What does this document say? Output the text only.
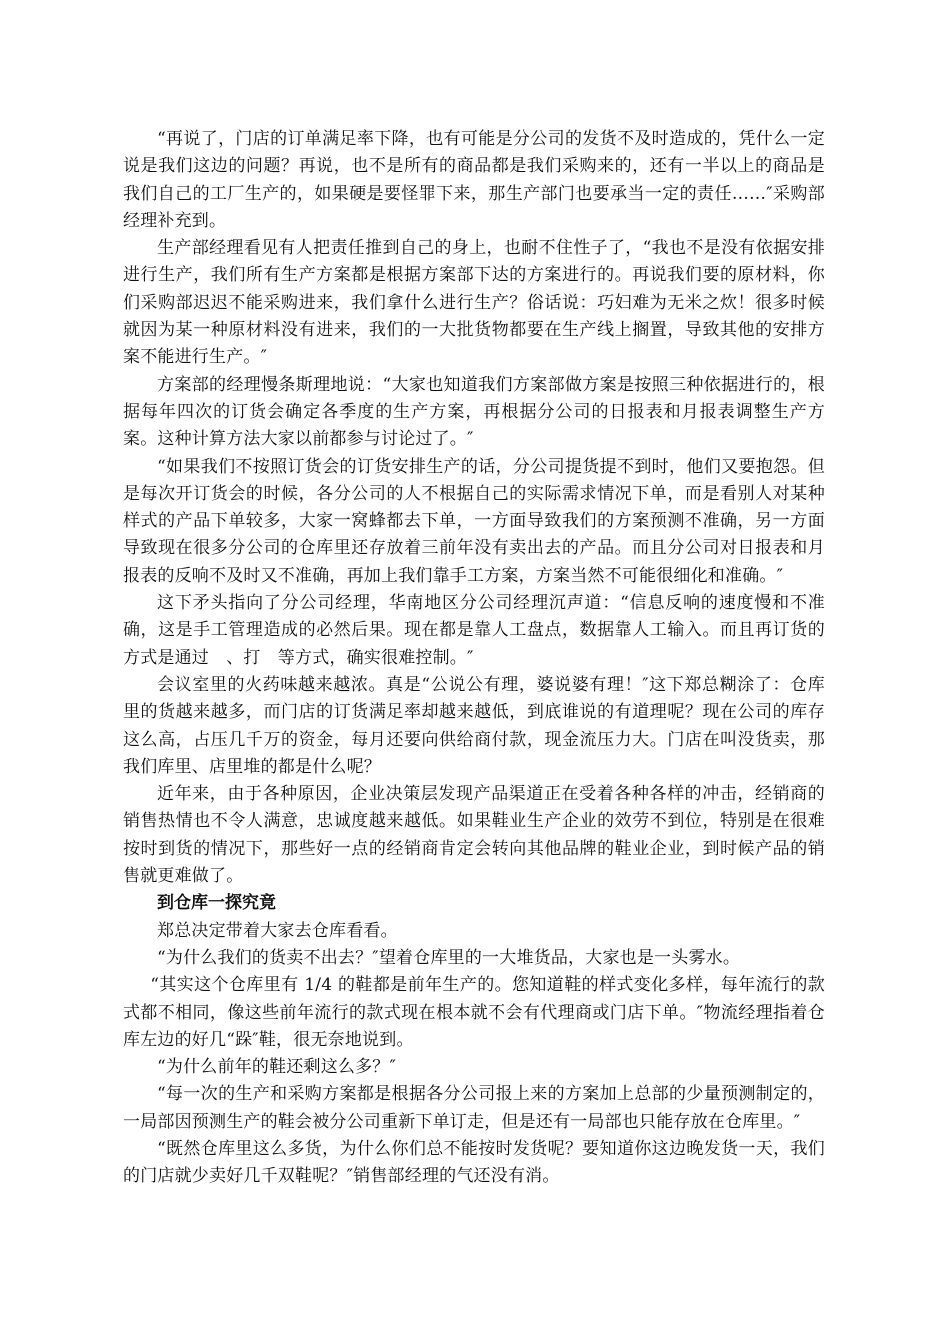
“再说了，门店的订单满足率下降，也有可能是分公司的发货不及时造成的，凭什么一定说是我们这边的问题？再说，也不是所有的商品都是我们采购来的，还有一半以上的商品是我们自己的工厂生产的，如果硬是要怪罪下来，那生产部门也要承当一定的责任……″采购部经理补充到。

生产部经理看见有人把责任推到自己的身上，也耐不住性子了，“我也不是没有依据安排进行生产，我们所有生产方案都是根据方案部下达的方案进行的。再说我们要的原材料，你们采购部迟迟不能采购进来，我们拿什么进行生产？俗话说：巧妇难为无米之炊！很多时候就因为某一种原材料没有进来，我们的一大批货物都要在生产线上搁置，导致其他的安排方案不能进行生产。″

方案部的经理慢条斯理地说：“大家也知道我们方案部做方案是按照三种依据进行的，根据每年四次的订货会确定各季度的生产方案，再根据分公司的日报表和月报表调整生产方案。这种计算方法大家以前都参与讨论过了。″

“如果我们不按照订货会的订货安排生产的话，分公司提货提不到时，他们又要抱怨。但是每次开订货会的时候，各分公司的人不根据自己的实际需求情况下单，而是看别人对某种样式的产品下单较多，大家一窝蜂都去下单，一方面导致我们的方案预测不准确，另一方面导致现在很多分公司的仓库里还存放着三前年没有卖出去的产品。而且分公司对日报表和月报表的反响不及时又不准确，再加上我们靠手工方案，方案当然不可能很细化和准确。″

这下矛头指向了分公司经理，华南地区分公司经理沉声道：“信息反响的速度慢和不准确，这是手工管理造成的必然后果。现在都是靠人工盘点，数据靠人工输入。而且再订货的方式是通过　、打　等方式，确实很难控制。″

会议室里的火药味越来越浓。真是“公说公有理，婆说婆有理！″这下郑总糊涂了：仓库里的货越来越多，而门店的订货满足率却越来越低，到底谁说的有道理呢？现在公司的库存这么高，占压几千万的资金，每月还要向供给商付款，现金流压力大。门店在叫没货卖，那我们库里、店里堆的都是什么呢？

近年来，由于各种原因，企业决策层发现产品渠道正在受着各种各样的冲击，经销商的销售热情也不令人满意，忠诚度越来越低。如果鞋业生产企业的效劳不到位，特别是在很难按时到货的情况下，那些好一点的经销商肯定会转向其他品牌的鞋业企业，到时候产品的销售就更难做了。

到仓库一探究竟

郑总决定带着大家去仓库看看。

“为什么我们的货卖不出去？″望着仓库里的一大堆货品，大家也是一头雾水。

“其实这个仓库里有 1/4 的鞋都是前年生产的。您知道鞋的样式变化多样，每年流行的款式都不相同，像这些前年流行的款式现在根本就不会有代理商或门店下单。″物流经理指着仓库左边的好几“跺″鞋，很无奈地说到。

“为什么前年的鞋还剩这么多？″

“每一次的生产和采购方案都是根据各分公司报上来的方案加上总部的少量预测制定的，一局部因预测生产的鞋会被分公司重新下单订走，但是还有一局部也只能存放在仓库里。″

“既然仓库里这么多货，为什么你们总不能按时发货呢？要知道你这边晚发货一天，我们的门店就少卖好几千双鞋呢？″销售部经理的气还没有消。
